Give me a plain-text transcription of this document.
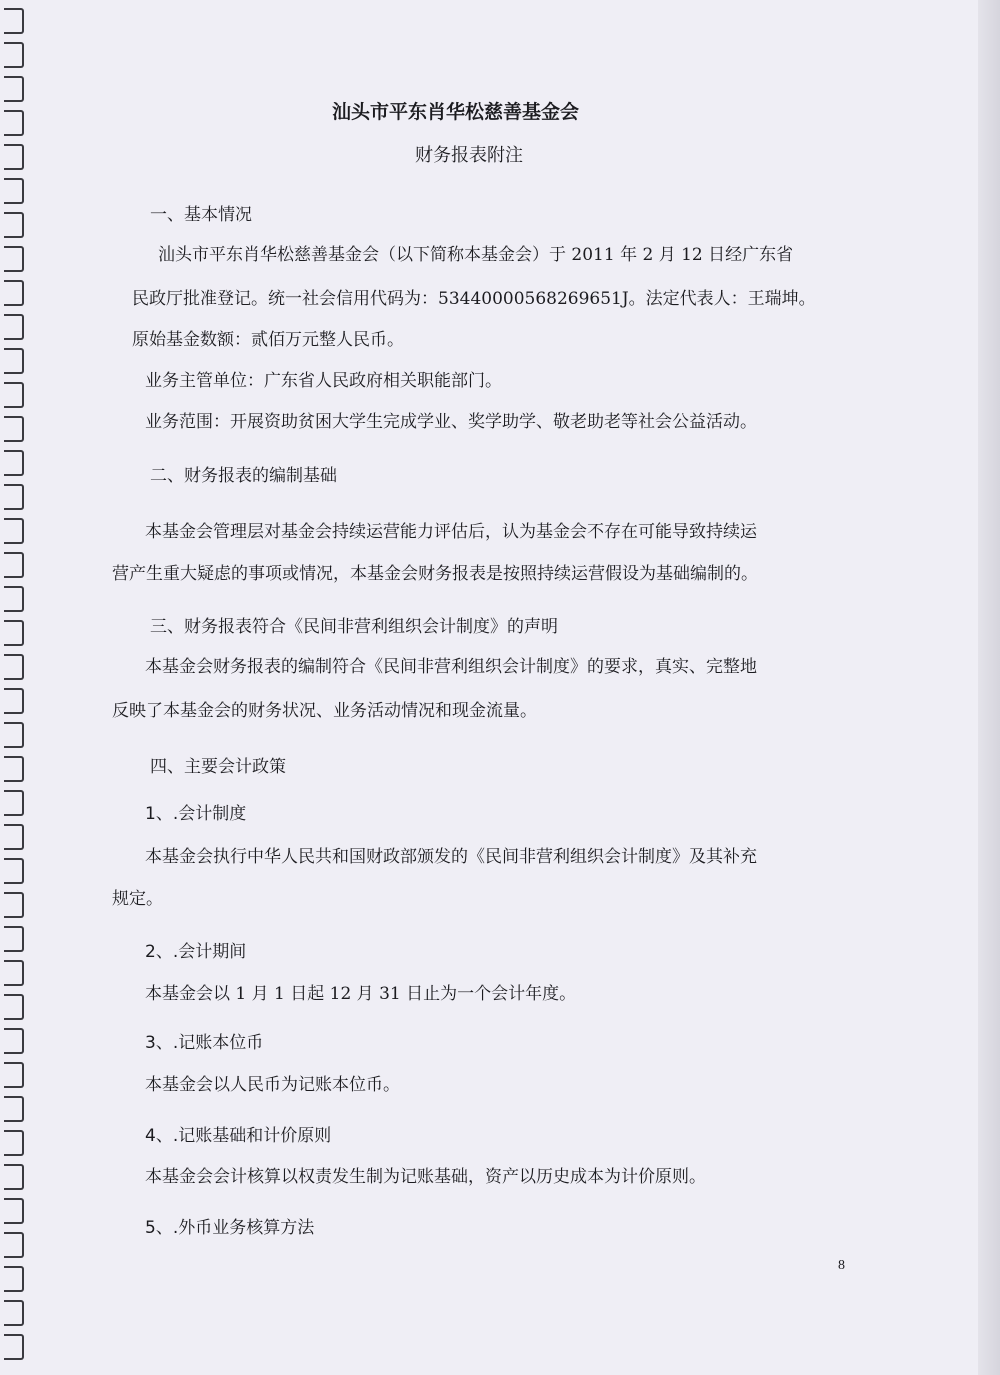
汕头市平东肖华松慈善基金会
财务报表附注
一、基本情况
汕头市平东肖华松慈善基金会（以下简称本基金会）于 2011 年 2 月 12 日经广东省
民政厅批准登记。统一社会信用代码为：53440000568269651J。法定代表人：王瑞坤。
原始基金数额：贰佰万元整人民币。
业务主管单位：广东省人民政府相关职能部门。
业务范围：开展资助贫困大学生完成学业、奖学助学、敬老助老等社会公益活动。
二、财务报表的编制基础
本基金会管理层对基金会持续运营能力评估后，认为基金会不存在可能导致持续运
营产生重大疑虑的事项或情况，本基金会财务报表是按照持续运营假设为基础编制的。
三、财务报表符合《民间非营利组织会计制度》的声明
本基金会财务报表的编制符合《民间非营利组织会计制度》的要求，真实、完整地
反映了本基金会的财务状况、业务活动情况和现金流量。
四、主要会计政策
1、.会计制度
本基金会执行中华人民共和国财政部颁发的《民间非营利组织会计制度》及其补充
规定。
2、.会计期间
本基金会以 1 月 1 日起 12 月 31 日止为一个会计年度。
3、.记账本位币
本基金会以人民币为记账本位币。
4、.记账基础和计价原则
本基金会会计核算以权责发生制为记账基础，资产以历史成本为计价原则。
5、.外币业务核算方法
8
